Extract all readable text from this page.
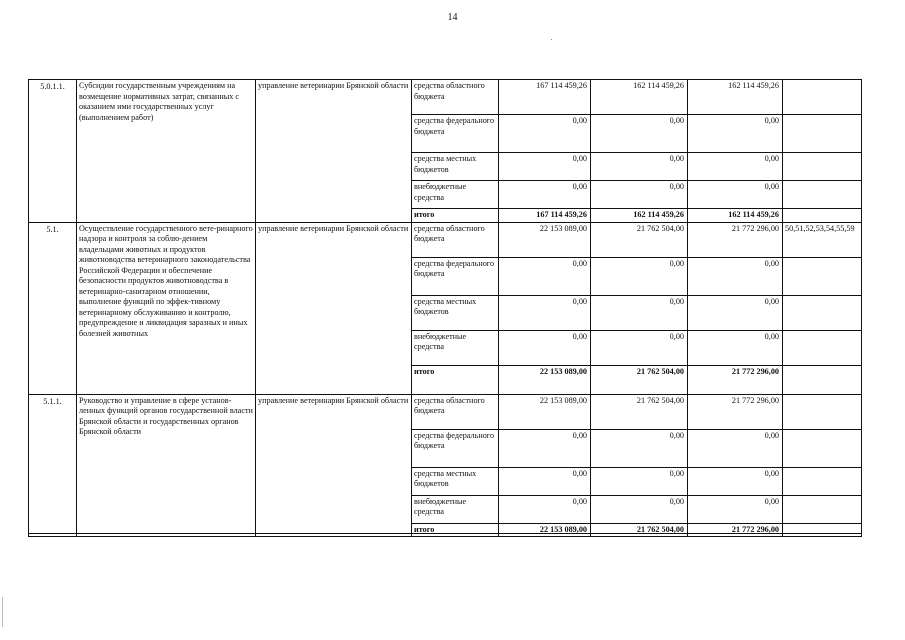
14
5.0.1.1.	Субсидии государственным учреждениям на возмещение нормативных затрат, связанных с оказанием ими государственных услуг (выполнением работ)	управление ветеринарии Брянской области	средства областного бюджета	167 114 459,26	162 114 459,26	162 114 459,26	
			средства федерального бюджета	0,00	0,00	0,00	
			средства местных бюджетов	0,00	0,00	0,00	
			внебюджетные средства	0,00	0,00	0,00	
			итого	167 114 459,26	162 114 459,26	162 114 459,26	
5.1.	Осуществление государственного вете-ринарного надзора и контроля за соблю-дением владельцами животных и продуктов животноводства ветеринарного законодательства Российской Федерации и обеспечение безопасности продуктов животноводства в ветеринарно-санитарном отношении, выполнение функций по эффек-тивному ветеринарному обслуживанию и контролю, предупреждение и ликвидация заразных и иных болезней животных	управление ветеринарии Брянской области	средства областного бюджета	22 153 089,00	21 762 504,00	21 772 296,00	50,51,52,53,54,55,59
			средства федерального бюджета	0,00	0,00	0,00	
			средства местных бюджетов	0,00	0,00	0,00	
			внебюджетные средства	0,00	0,00	0,00	
			итого	22 153 089,00	21 762 504,00	21 772 296,00	
5.1.1.	Руководство и управление в сфере установ-ленных функций органов государственной власти Брянской области и государственных органов Брянской области	управление ветеринарии Брянской области	средства областного бюджета	22 153 089,00	21 762 504,00	21 772 296,00	
			средства федерального бюджета	0,00	0,00	0,00	
			средства местных бюджетов	0,00	0,00	0,00	
			внебюджетные средства	0,00	0,00	0,00	
			итого	22 153 089,00	21 762 504,00	21 772 296,00	
